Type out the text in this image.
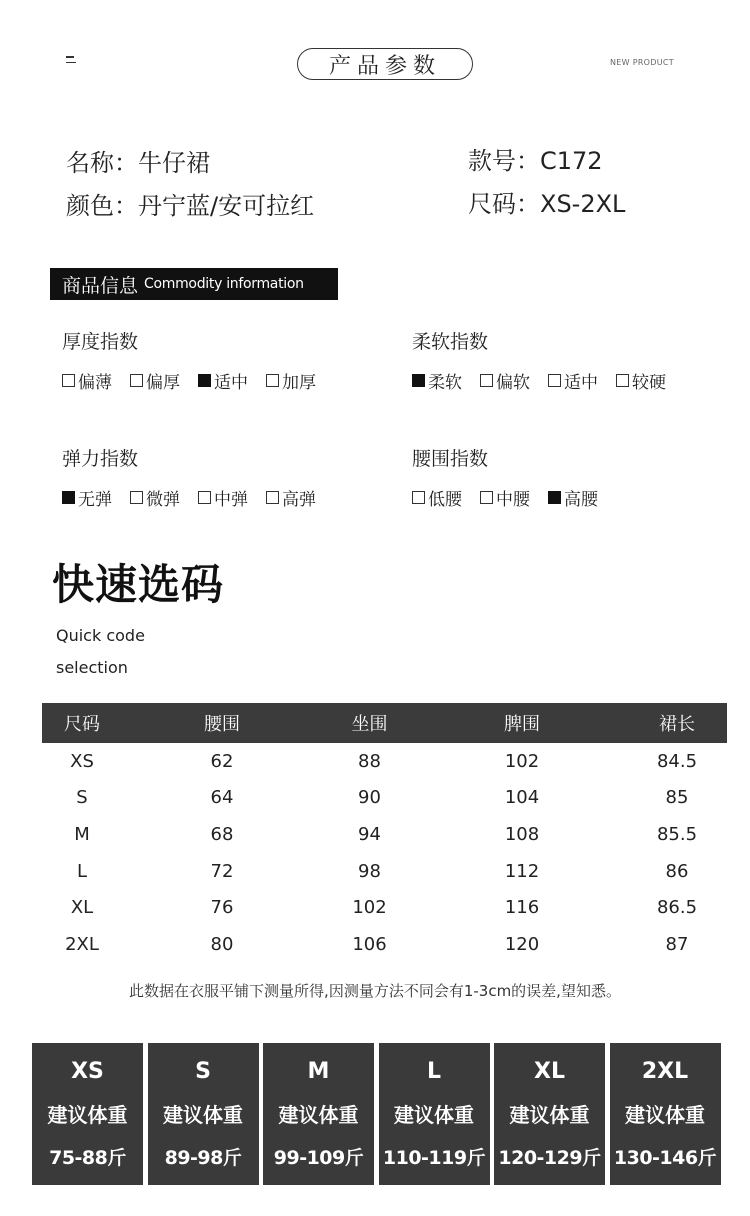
产品参数	NEW PRODUCT
名称：牛仔裙
颜色：丹宁蓝/安可拉红
款号：C172
尺码：XS-2XL
商品信息 Commodity information
厚度指数
偏薄 偏厚 适中 加厚
柔软指数
柔软 偏软 适中 较硬
弹力指数
无弹 微弹 中弹 高弹
腰围指数
低腰 中腰 高腰
快速选码
Quick code
selection
尺码	腰围	坐围	脾围	裙长
XS	62	88	102	84.5
S	64	90	104	85
M	68	94	108	85.5
L	72	98	112	86
XL	76	102	116	86.5
2XL	80	106	120	87
此数据在衣服平铺下测量所得,因测量方法不同会有1-3cm的误差,望知悉。
XS
建议体重
75-88斤
S
建议体重
89-98斤
M
建议体重
99-109斤
L
建议体重
110-119斤
XL
建议体重
120-129斤
2XL
建议体重
130-146斤
